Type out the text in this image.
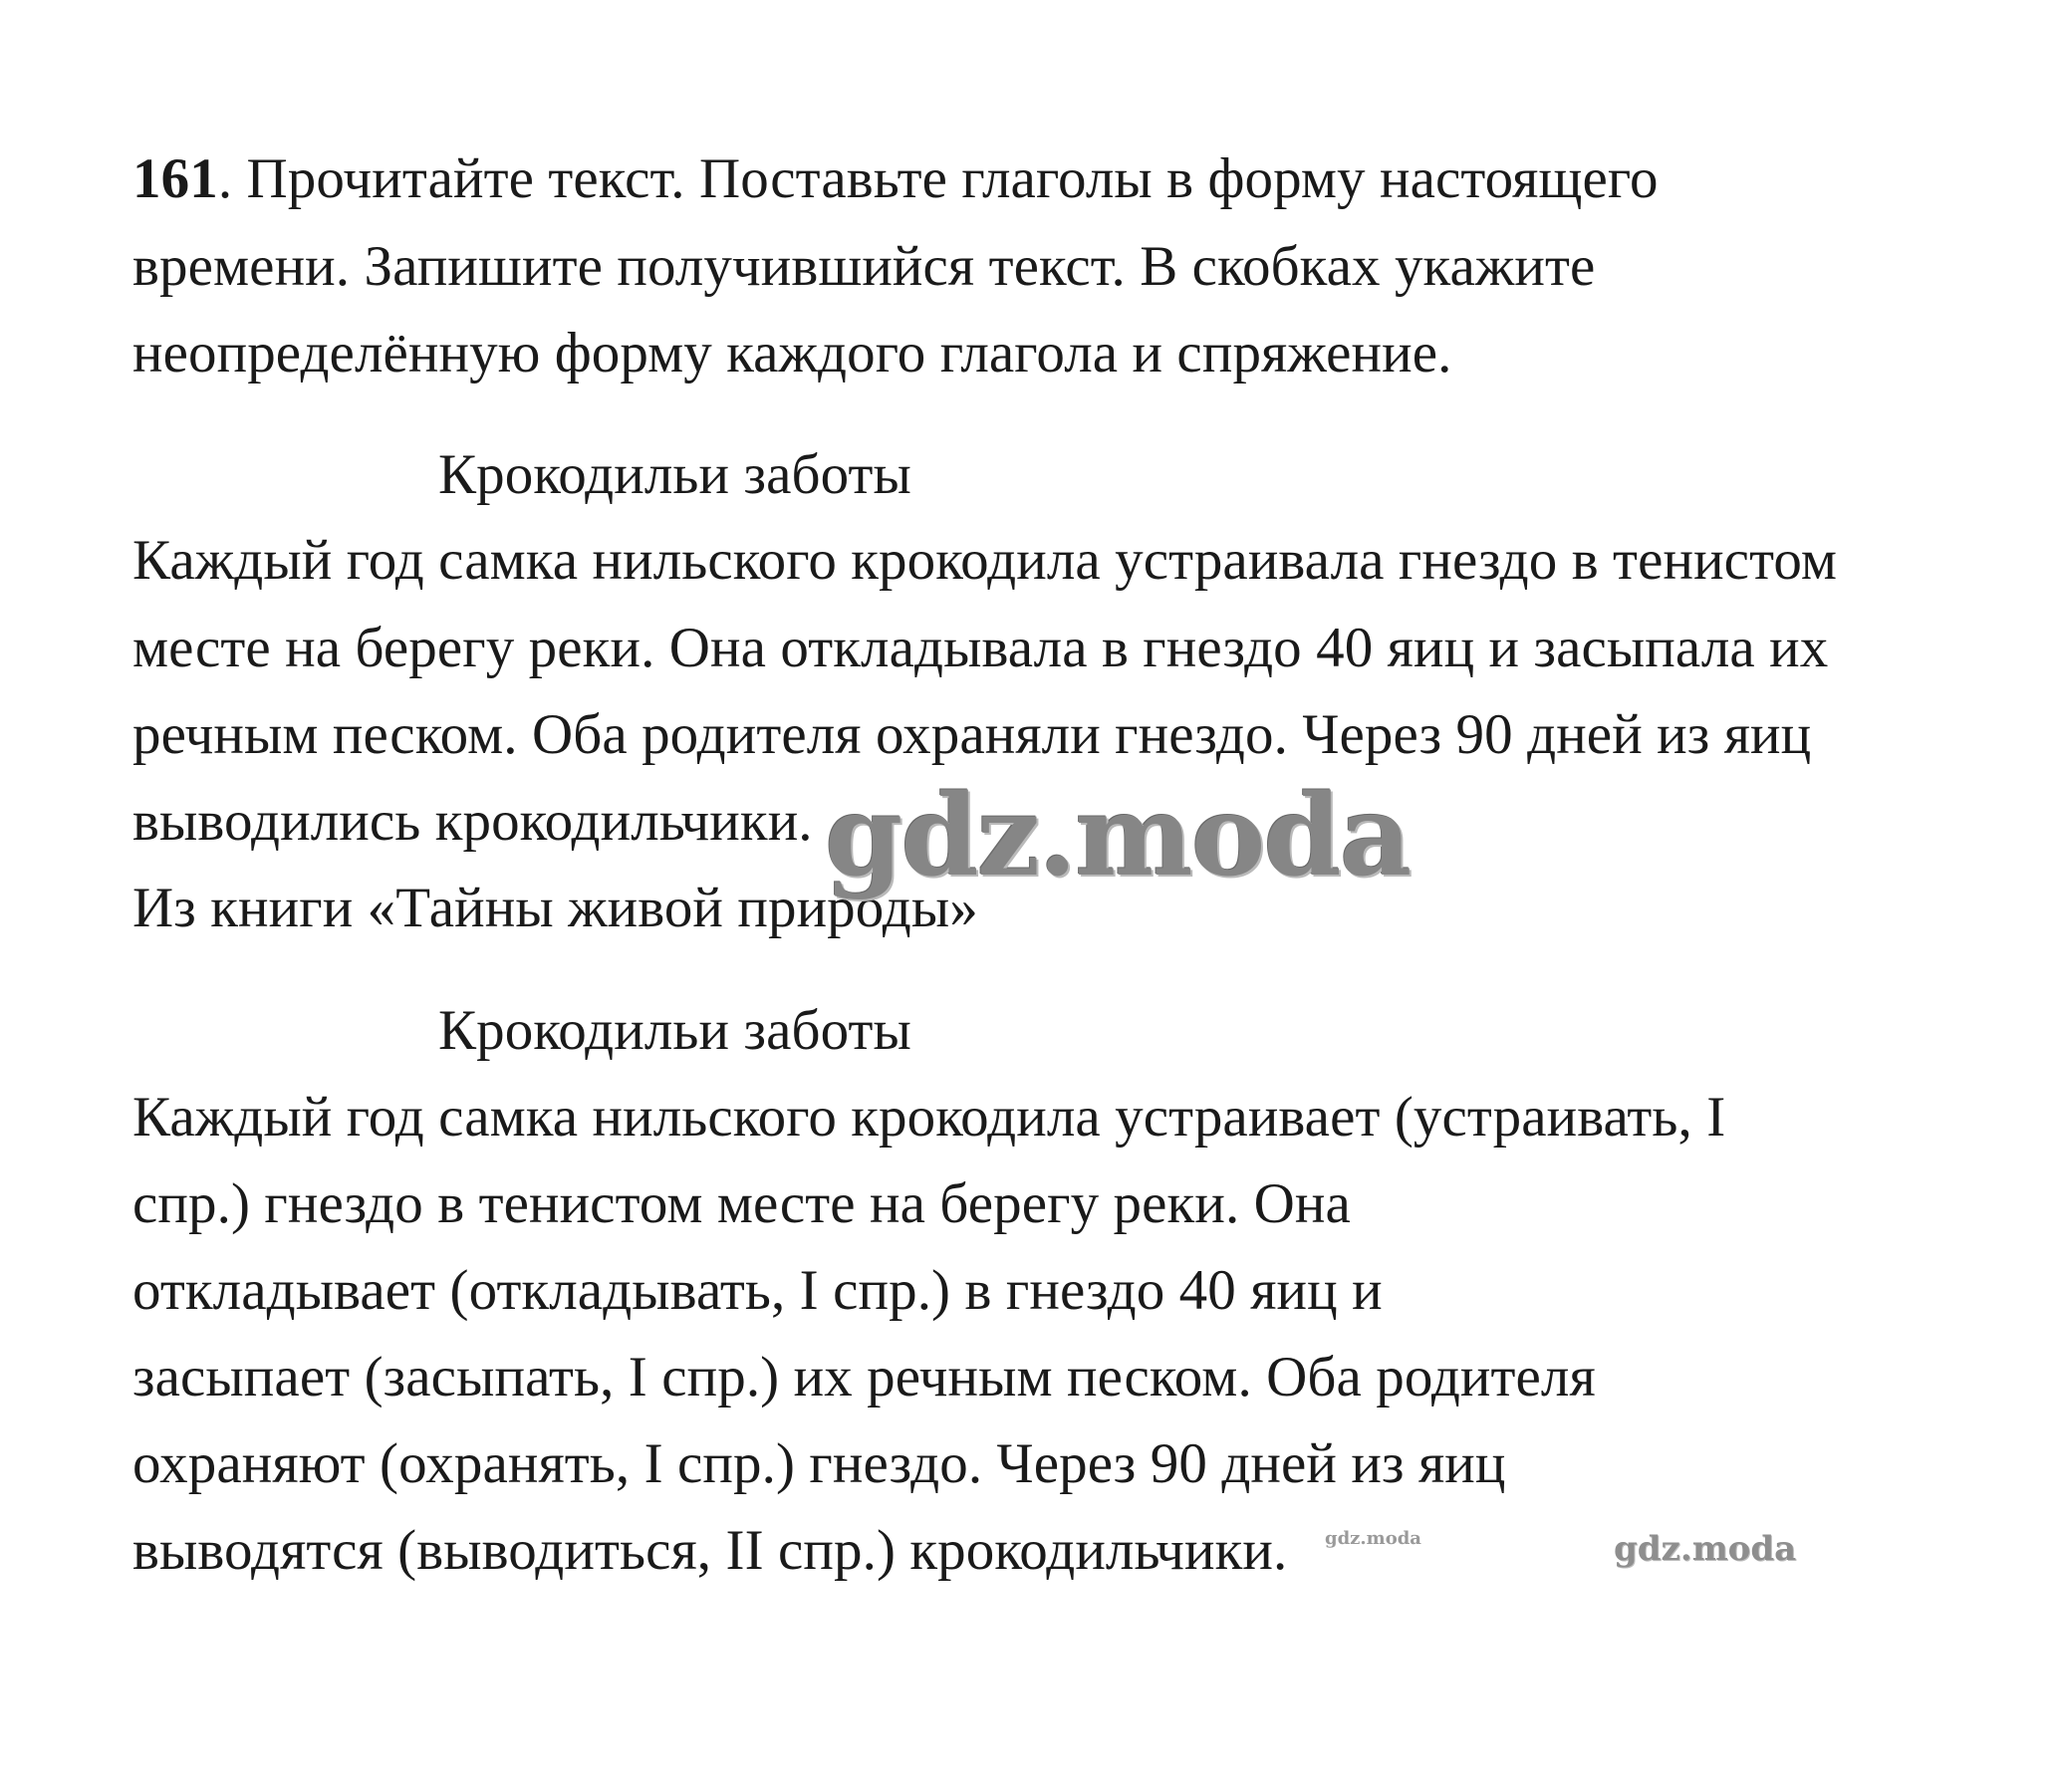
161. Прочитайте текст. Поставьте глаголы в форму настоящего
времени. Запишите получившийся текст. В скобках укажите
неопределённую форму каждого глагола и спряжение.
Крокодильи заботы
Каждый год самка нильского крокодила устраивала гнездо в тенистом
месте на берегу реки. Она откладывала в гнездо 40 яиц и засыпала их
речным песком. Оба родителя охраняли гнездо. Через 90 дней из яиц
выводились крокодильчики.
Из книги «Тайны живой природы»
Крокодильи заботы
Каждый год самка нильского крокодила устраивает (устраивать, I
спр.) гнездо в тенистом месте на берегу реки. Она
откладывает (откладывать, I спр.) в гнездо 40 яиц и
засыпает (засыпать, I спр.) их речным песком. Оба родителя
охраняют (охранять, I спр.) гнездо. Через 90 дней из яиц
выводятся (выводиться, II спр.) крокодильчики.
gdz.moda
gdz.moda	gdz.moda
